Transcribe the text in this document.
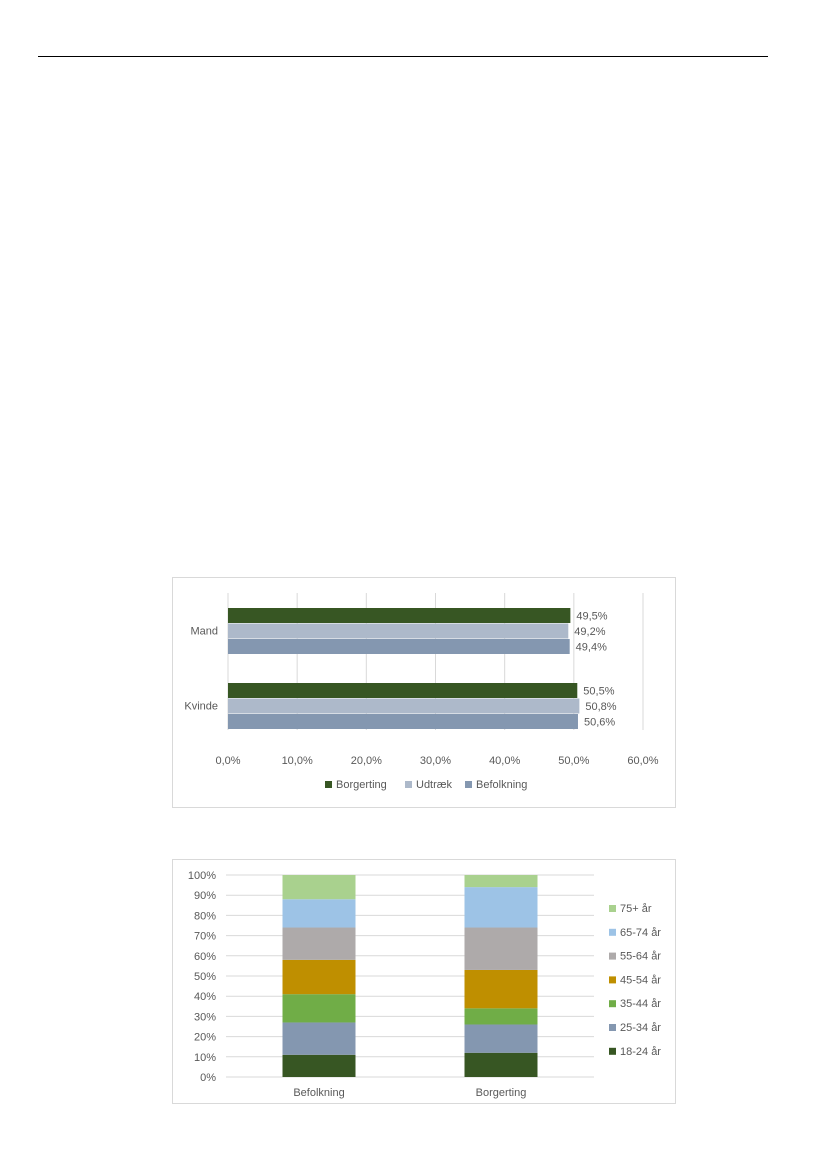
0,0%	10,0%	20,0%	30,0%	40,0%	50,0%	60,0%
Mand
49,5%
49,2%
49,4%
Kvinde
50,5%
50,8%
50,6%
Borgerting	Udtræk Befolkning
0%
10%
20%
30%
40%
50%
60%
70%
80%
90%
100%
Befolkning	Borgerting
75+ år
65-74 år
55-64 år
45-54 år
35-44 år
25-34 år
18-24 år
